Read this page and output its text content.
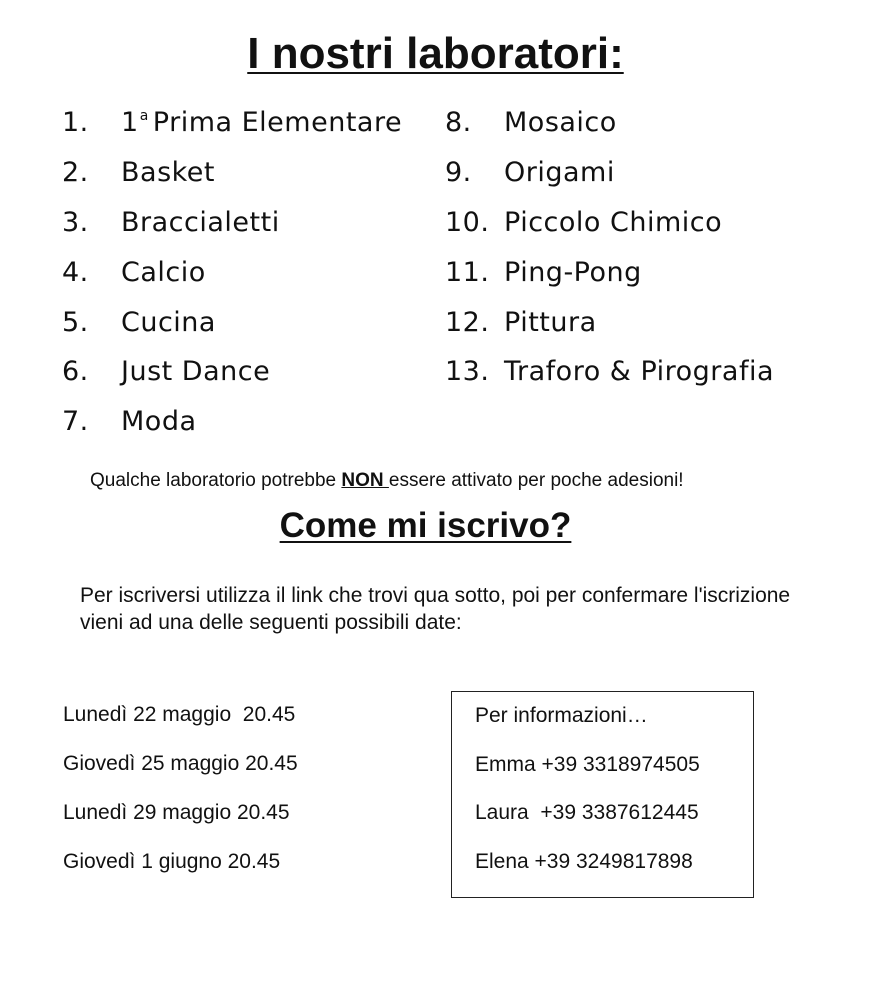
I nostri laboratori:
1.	1$^a$ Prima Elementare
2.	Basket
3.	Braccialetti
4.	Calcio
5.	Cucina
6.	Just Dance
7.	Moda
8.	Mosaico
9.	Origami
10. Piccolo Chimico
11. Ping-Pong
12. Pittura
13. Traforo & Pirografia
Qualche laboratorio potrebbe NON essere attivato per poche adesioni!
Come mi iscrivo?

Per iscriversi utilizza il link che trovi qua sotto, poi per confermare l'iscrizione vieni ad una delle seguenti possibili date:

Lunedì 22 maggio  20.45
Giovedì 25 maggio 20.45
Lunedì 29 maggio 20.45
Giovedì 1 giugno 20.45
Per informazioni…
Emma +39 3318974505
Laura  +39 3387612445
Elena +39 3249817898
